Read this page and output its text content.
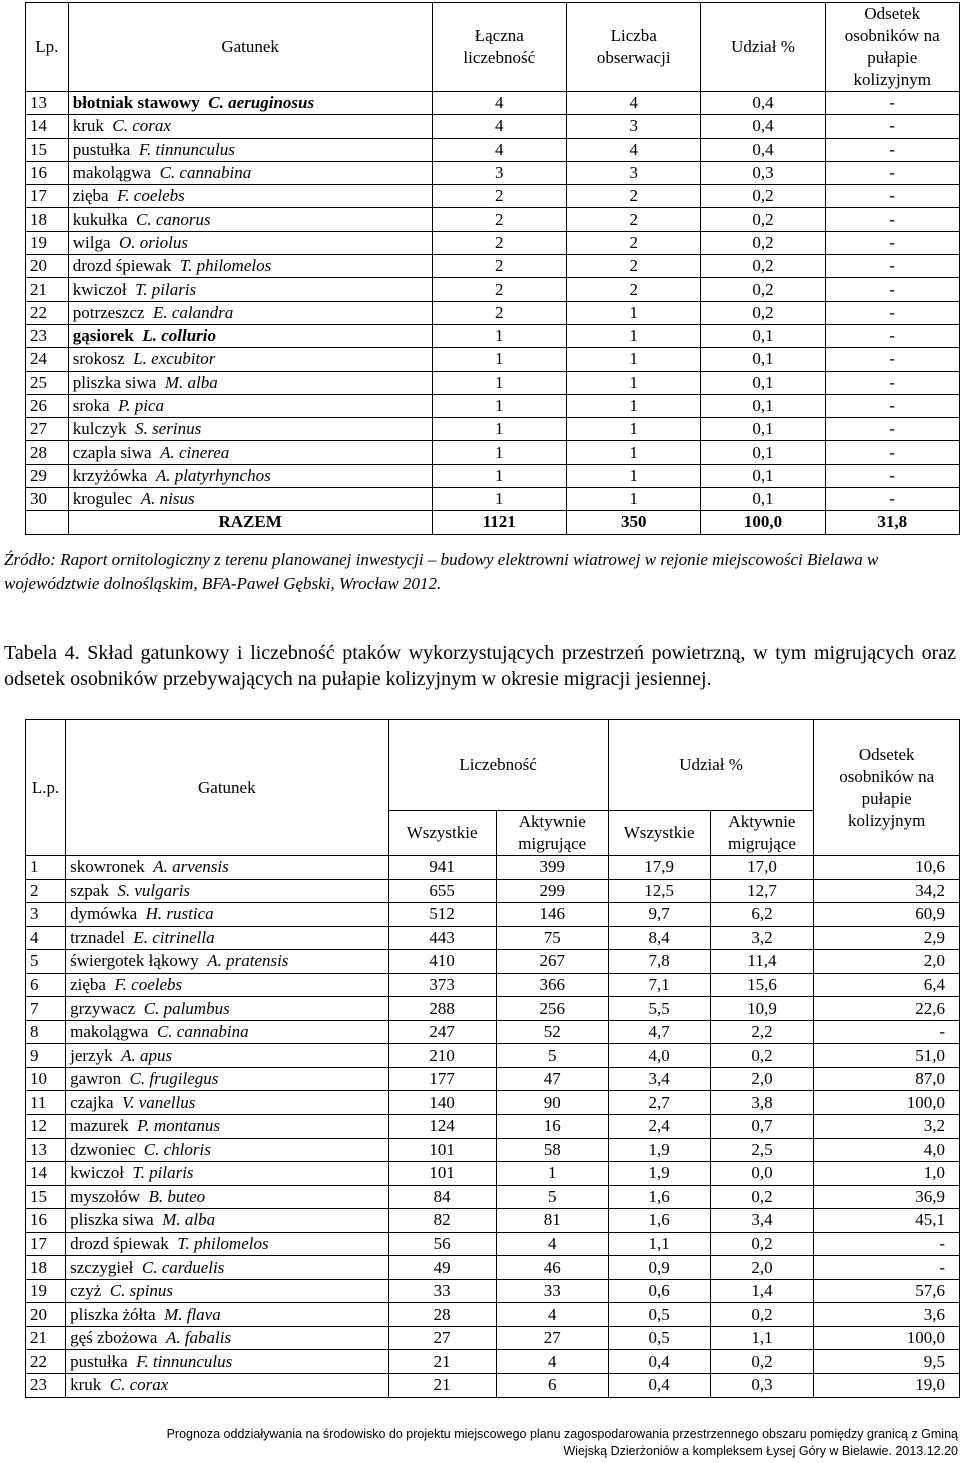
Lp.	Gatunek	Łączna liczebność	Liczba obserwacji	Udział %	Odsetek osobników na pułapie kolizyjnym
13	błotniak stawowy C. aeruginosus	4	4	0,4	-
14	kruk C. corax	4	3	0,4	-
15	pustułka F. tinnunculus	4	4	0,4	-
16	makolągwa C. cannabina	3	3	0,3	-
17	zięba F. coelebs	2	2	0,2	-
18	kukułka C. canorus	2	2	0,2	-
19	wilga O. oriolus	2	2	0,2	-
20	drozd śpiewak T. philomelos	2	2	0,2	-
21	kwiczoł T. pilaris	2	2	0,2	-
22	potrzeszcz E. calandra	2	1	0,2	-
23	gąsiorek L. collurio	1	1	0,1	-
24	srokosz L. excubitor	1	1	0,1	-
25	pliszka siwa M. alba	1	1	0,1	-
26	sroka P. pica	1	1	0,1	-
27	kulczyk S. serinus	1	1	0,1	-
28	czapla siwa A. cinerea	1	1	0,1	-
29	krzyżówka A. platyrhynchos	1	1	0,1	-
30	krogulec A. nisus	1	1	0,1	-
	RAZEM	1121	350	100,0	31,8
Źródło: Raport ornitologiczny z terenu planowanej inwestycji – budowy elektrowni wiatrowej w rejonie miejscowości Bielawa w województwie dolnośląskim, BFA-Paweł Gębski, Wrocław 2012.
Tabela 4. Skład gatunkowy i liczebność ptaków wykorzystujących przestrzeń powietrzną, w tym migrujących oraz odsetek osobników przebywających na pułapie kolizyjnym w okresie migracji jesiennej.
L.p.	Gatunek	Liczebność		Udział %		Odsetek osobników na pułapie kolizyjnym
		Wszystkie	Aktywnie migrujące	Wszystkie	Aktywnie migrujące	
1	skowronek A. arvensis	941	399	17,9	17,0	10,6
2	szpak S. vulgaris	655	299	12,5	12,7	34,2
3	dymówka H. rustica	512	146	9,7	6,2	60,9
4	trznadel E. citrinella	443	75	8,4	3,2	2,9
5	świergotek łąkowy A. pratensis	410	267	7,8	11,4	2,0
6	zięba F. coelebs	373	366	7,1	15,6	6,4
7	grzywacz C. palumbus	288	256	5,5	10,9	22,6
8	makolągwa C. cannabina	247	52	4,7	2,2	-
9	jerzyk A. apus	210	5	4,0	0,2	51,0
10	gawron C. frugilegus	177	47	3,4	2,0	87,0
11	czajka V. vanellus	140	90	2,7	3,8	100,0
12	mazurek P. montanus	124	16	2,4	0,7	3,2
13	dzwoniec C. chloris	101	58	1,9	2,5	4,0
14	kwiczoł T. pilaris	101	1	1,9	0,0	1,0
15	myszołów B. buteo	84	5	1,6	0,2	36,9
16	pliszka siwa M. alba	82	81	1,6	3,4	45,1
17	drozd śpiewak T. philomelos	56	4	1,1	0,2	-
18	szczygieł C. carduelis	49	46	0,9	2,0	-
19	czyż C. spinus	33	33	0,6	1,4	57,6
20	pliszka żółta M. flava	28	4	0,5	0,2	3,6
21	gęś zbożowa A. fabalis	27	27	0,5	1,1	100,0
22	pustułka F. tinnunculus	21	4	0,4	0,2	9,5
23	kruk C. corax	21	6	0,4	0,3	19,0
Prognoza oddziaływania na środowisko do projektu miejscowego planu zagospodarowania przestrzennego obszaru pomiędzy granicą z Gminą
Wiejską Dzierżoniów a kompleksem Łysej Góry w Bielawie. 2013.12.20
